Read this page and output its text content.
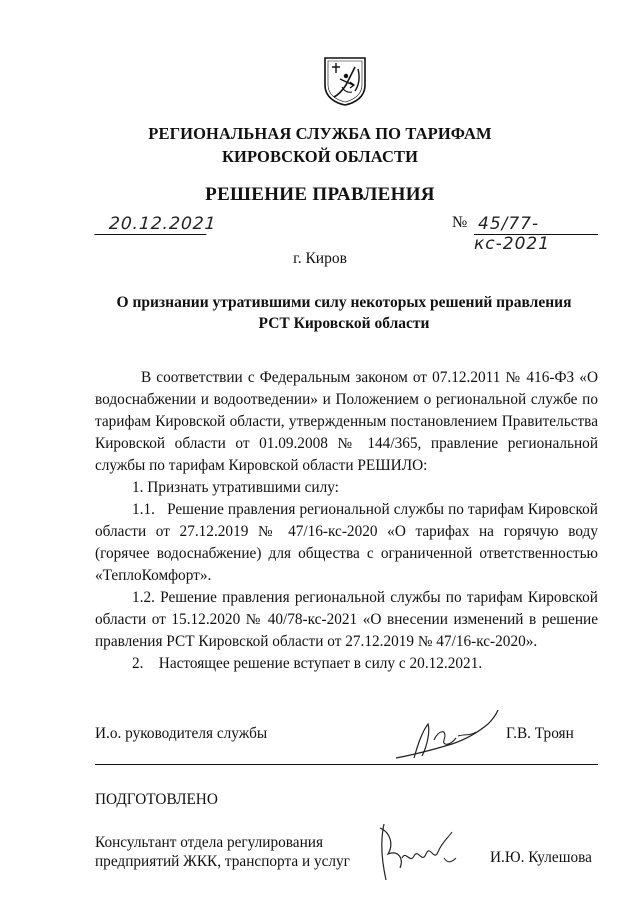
РЕГИОНАЛЬНАЯ СЛУЖБА ПО ТАРИФАМ
КИРОВСКОЙ ОБЛАСТИ
РЕШЕНИЕ ПРАВЛЕНИЯ
20.12.2021	№ 45/77-кс-2021
г. Киров
О признании утратившими силу некоторых решений правления
РСТ Кировской области

В соответствии с Федеральным законом от 07.12.2011 № 416-ФЗ «О водоснабжении и водоотведении» и Положением о региональной службе по тарифам Кировской области, утвержденным постановлением Правительства Кировской области от 01.09.2008 № 144/365, правление региональной службы по тарифам Кировской области РЕШИЛО:

1. Признать утратившими силу:

1.1.   Решение правления региональной службы по тарифам Кировской области от 27.12.2019 № 47/16-кс-2020 «О тарифах на горячую воду (горячее водоснабжение) для общества с ограниченной ответственностью «ТеплоКомфорт».

1.2. Решение правления региональной службы по тарифам Кировской области от 15.12.2020 № 40/78-кс-2021 «О внесении изменений в решение правления РСТ Кировской области от 27.12.2019 № 47/16-кс-2020».

2.    Настоящее решение вступает в силу с 20.12.2021.

И.о. руководителя службы	Г.В. Троян
ПОДГОТОВЛЕНО
Консультант отдела регулирования
предприятий ЖКК, транспорта и услуг	И.Ю. Кулешова
